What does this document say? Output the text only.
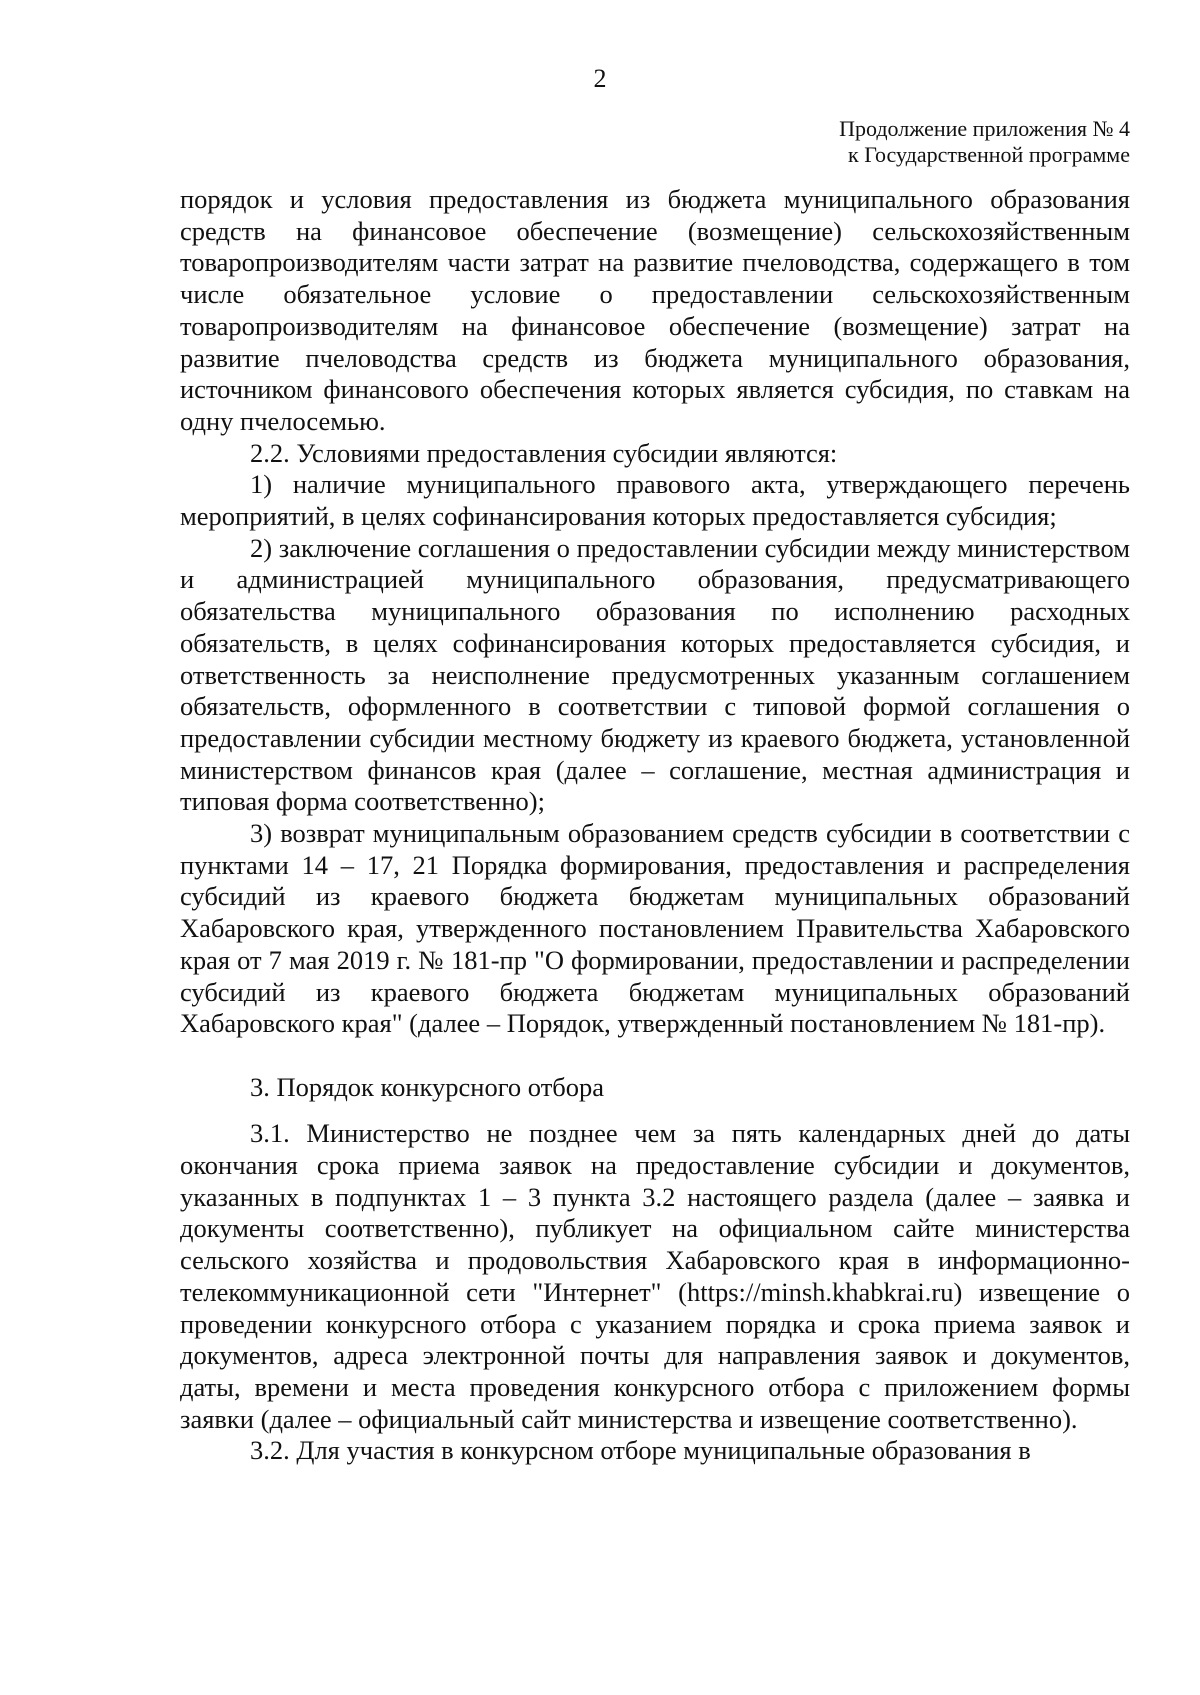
2
Продолжение приложения № 4
к Государственной программе

порядок и условия предоставления из бюджета муниципального образования средств на финансовое обеспечение (возмещение) сельскохозяйственным товаропроизводителям части затрат на развитие пчеловодства, содержащего в том числе обязательное условие о предоставлении сельскохозяйственным товаропроизводителям на финансовое обеспечение (возмещение) затрат на развитие пчеловодства средств из бюджета муниципального образования, источником финансового обеспечения которых является субсидия, по ставкам на одну пчелосемью.

2.2. Условиями предоставления субсидии являются:

1) наличие муниципального правового акта, утверждающего перечень мероприятий, в целях софинансирования которых предоставляется субсидия;

2) заключение соглашения о предоставлении субсидии между министерством и администрацией муниципального образования, предусматривающего обязательства муниципального образования по исполнению расходных обязательств, в целях софинансирования которых предоставляется субсидия, и ответственность за неисполнение предусмотренных указанным соглашением обязательств, оформленного в соответствии с типовой формой соглашения о предоставлении субсидии местному бюджету из краевого бюджета, установленной министерством финансов края (далее – соглашение, местная администрация и типовая форма соответственно);

3) возврат муниципальным образованием средств субсидии в соответствии с пунктами 14 – 17, 21 Порядка формирования, предоставления и распределения субсидий из краевого бюджета бюджетам муниципальных образований Хабаровского края, утвержденного постановлением Правительства Хабаровского края от 7 мая 2019 г. № 181-пр "О формировании, предоставлении и распределении субсидий из краевого бюджета бюджетам муниципальных образований Хабаровского края" (далее – Порядок, утвержденный постановлением № 181-пр).

3. Порядок конкурсного отбора

3.1. Министерство не позднее чем за пять календарных дней до даты окончания срока приема заявок на предоставление субсидии и документов, указанных в подпунктах 1 – 3 пункта 3.2 настоящего раздела (далее – заявка и документы соответственно), публикует на официальном сайте министерства сельского хозяйства и продовольствия Хабаровского края в информационно-телекоммуникационной сети "Интернет" (https://minsh.khabkrai.ru) извещение о проведении конкурсного отбора с указанием порядка и срока приема заявок и документов, адреса электронной почты для направления заявок и документов, даты, времени и места проведения конкурсного отбора с приложением формы заявки (далее – официальный сайт министерства и извещение соответственно).

3.2. Для участия в конкурсном отборе муниципальные образования в
